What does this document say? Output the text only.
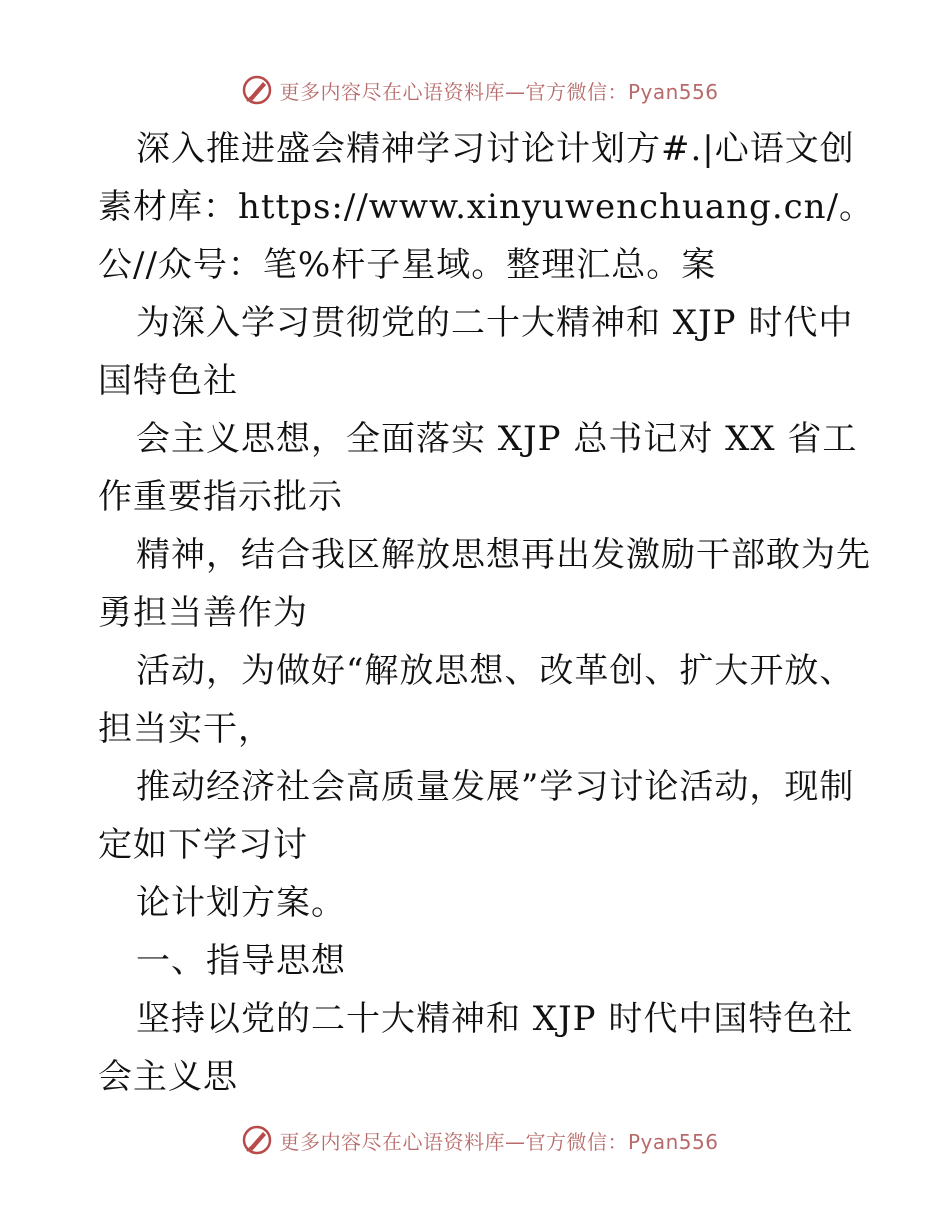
更多内容尽在心语资料库—官方微信：Pyan556
深入推进盛会精神学习讨论计划方#.|心语文创
素材库：https://www.xinyuwenchuang.cn/。
公//众号：笔%杆子星域。整理汇总。案
为深入学习贯彻党的二十大精神和 XJP 时代中
国特色社
会主义思想，全面落实 XJP 总书记对 XX 省工
作重要指示批示
精神，结合我区解放思想再出发激励干部敢为先
勇担当善作为
活动，为做好“解放思想、改革创、扩大开放、
担当实干，
推动经济社会高质量发展”学习讨论活动，现制
定如下学习讨
论计划方案。
一、指导思想
坚持以党的二十大精神和 XJP 时代中国特色社
会主义思
更多内容尽在心语资料库—官方微信：Pyan556
